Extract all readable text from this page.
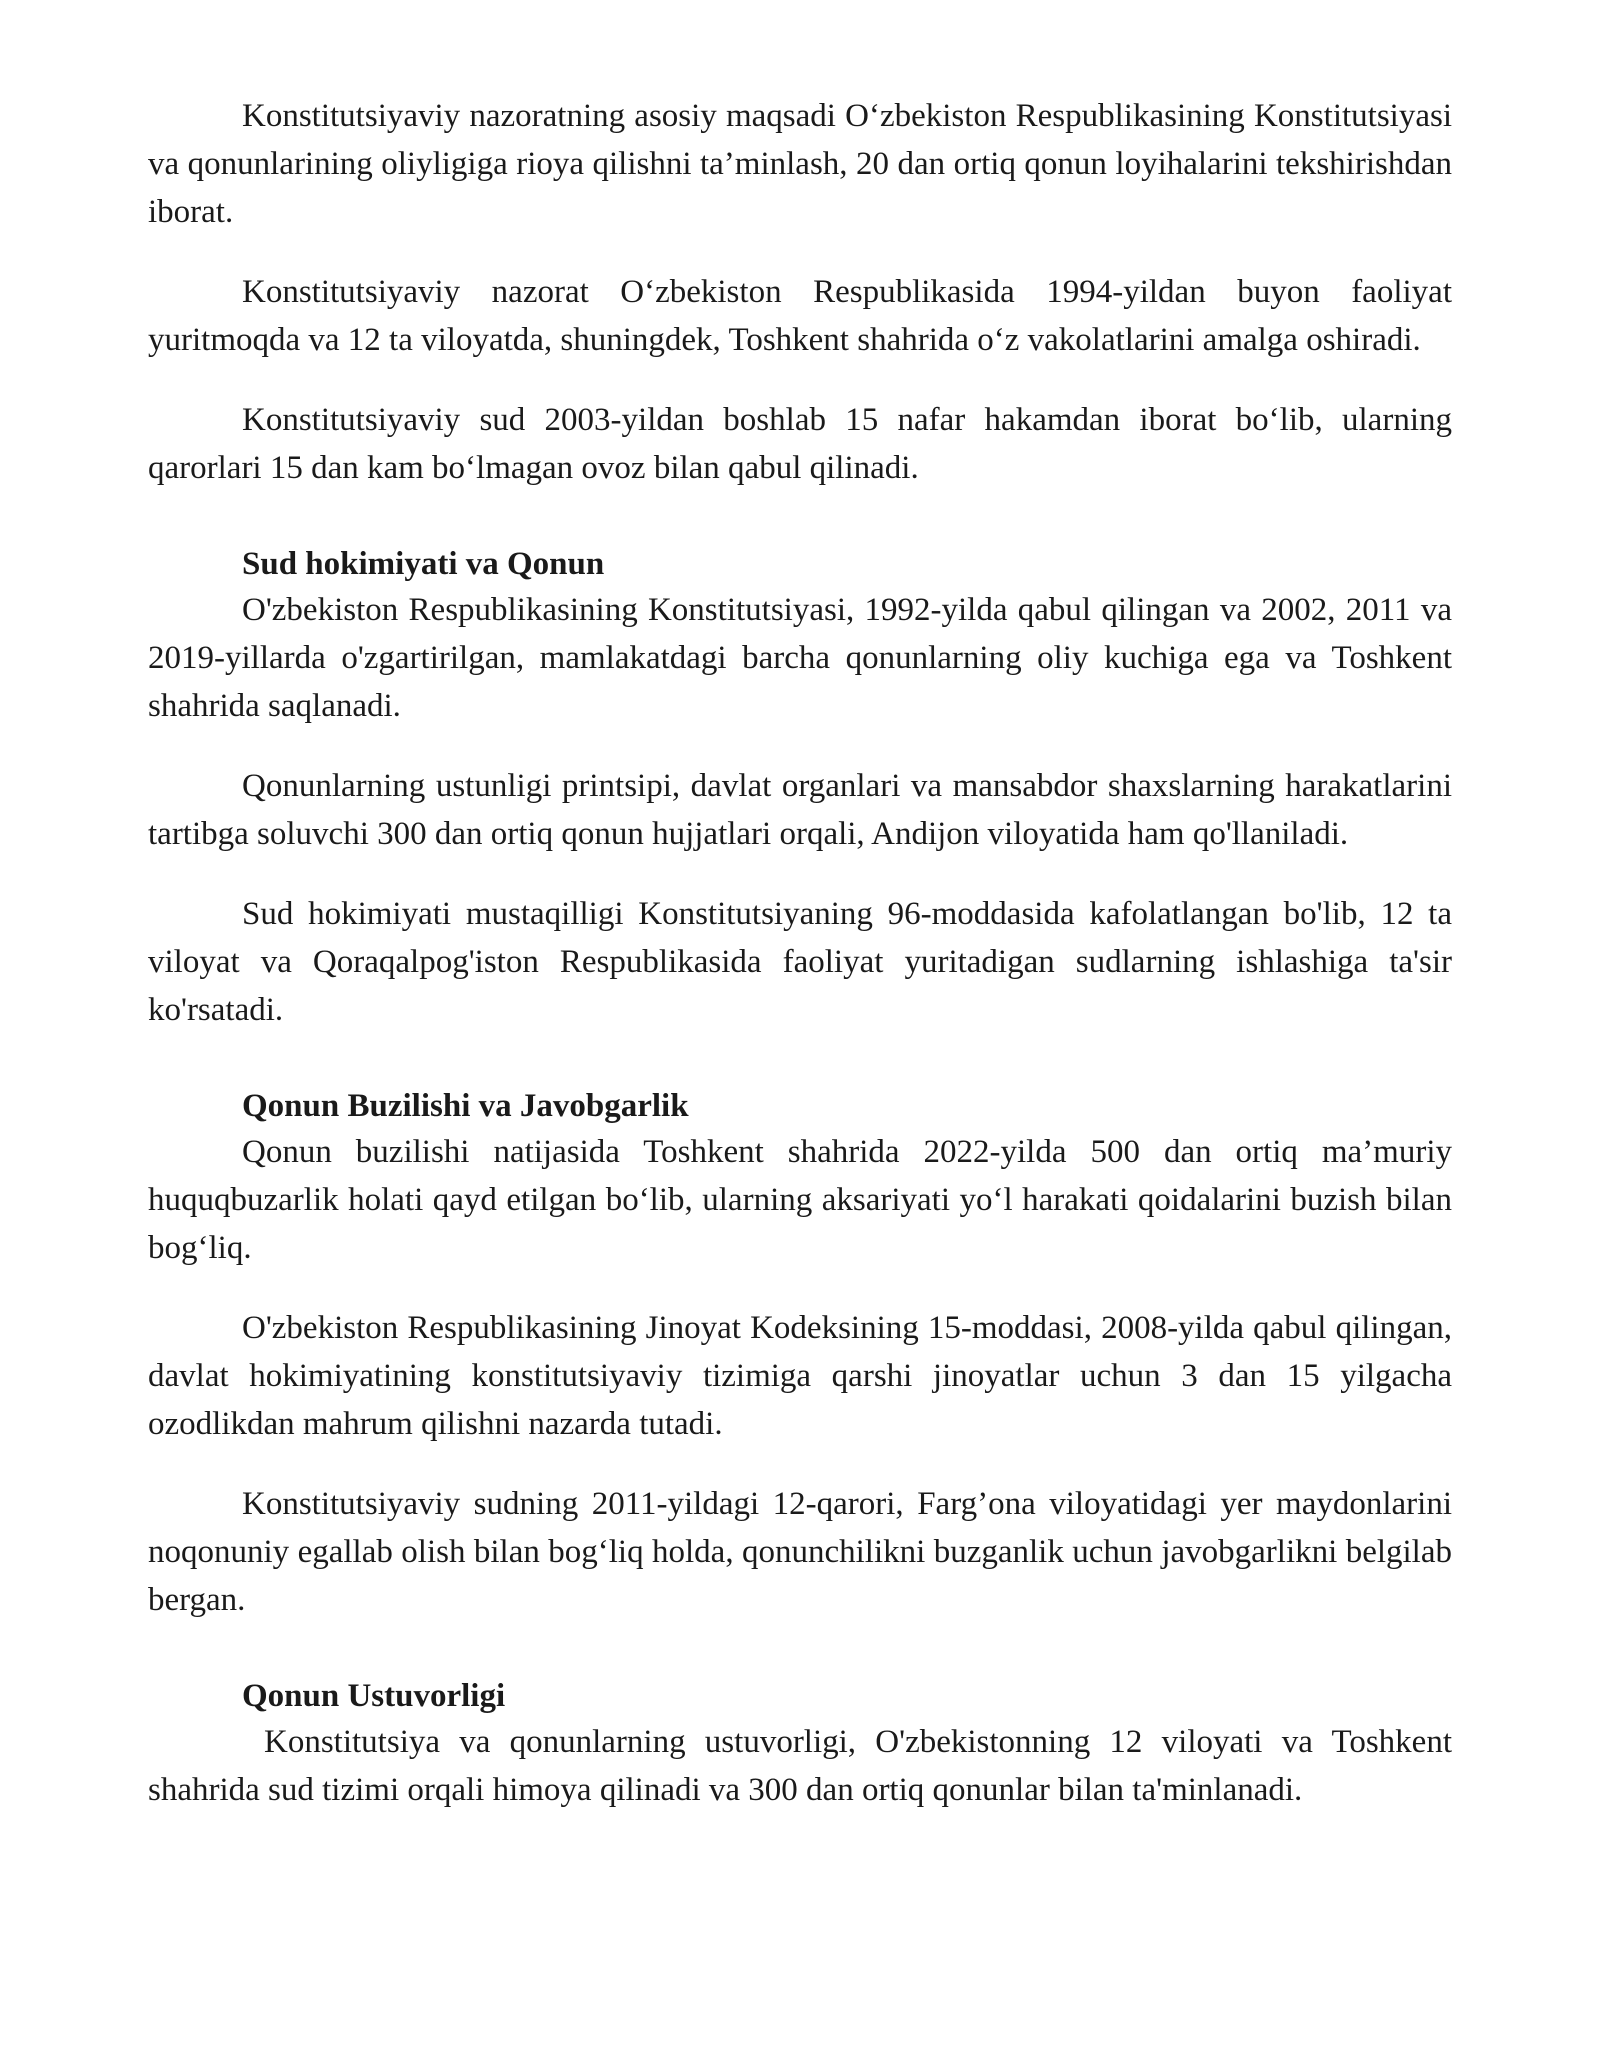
Konstitutsiyaviy nazoratning asosiy maqsadi O‘zbekiston Respublikasining Konstitutsiyasi va qonunlarining oliyligiga rioya qilishni ta’minlash, 20 dan ortiq qonun loyihalarini tekshirishdan iborat.

Konstitutsiyaviy nazorat O‘zbekiston Respublikasida 1994-yildan buyon faoliyat yuritmoqda va 12 ta viloyatda, shuningdek, Toshkent shahrida o‘z vakolatlarini amalga oshiradi.

Konstitutsiyaviy sud 2003-yildan boshlab 15 nafar hakamdan iborat bo‘lib, ularning qarorlari 15 dan kam bo‘lmagan ovoz bilan qabul qilinadi.

Sud hokimiyati va Qonun

O'zbekiston Respublikasining Konstitutsiyasi, 1992-yilda qabul qilingan va 2002, 2011 va 2019-yillarda o'zgartirilgan, mamlakatdagi barcha qonunlarning oliy kuchiga ega va Toshkent shahrida saqlanadi.

Qonunlarning ustunligi printsipi, davlat organlari va mansabdor shaxslarning harakatlarini tartibga soluvchi 300 dan ortiq qonun hujjatlari orqali, Andijon viloyatida ham qo'llaniladi.

Sud hokimiyati mustaqilligi Konstitutsiyaning 96-moddasida kafolatlangan bo'lib, 12 ta viloyat va Qoraqalpog'iston Respublikasida faoliyat yuritadigan sudlarning ishlashiga ta'sir ko'rsatadi.

Qonun Buzilishi va Javobgarlik

Qonun buzilishi natijasida Toshkent shahrida 2022-yilda 500 dan ortiq ma’muriy huquqbuzarlik holati qayd etilgan bo‘lib, ularning aksariyati yo‘l harakati qoidalarini buzish bilan bog‘liq.

O'zbekiston Respublikasining Jinoyat Kodeksining 15-moddasi, 2008-yilda qabul qilingan, davlat hokimiyatining konstitutsiyaviy tizimiga qarshi jinoyatlar uchun 3 dan 15 yilgacha ozodlikdan mahrum qilishni nazarda tutadi.

Konstitutsiyaviy sudning 2011-yildagi 12-qarori, Farg’ona viloyatidagi yer maydonlarini noqonuniy egallab olish bilan bog‘liq holda, qonunchilikni buzganlik uchun javobgarlikni belgilab bergan.

Qonun Ustuvorligi

Konstitutsiya va qonunlarning ustuvorligi, O'zbekistonning 12 viloyati va Toshkent shahrida sud tizimi orqali himoya qilinadi va 300 dan ortiq qonunlar bilan ta'minlanadi.
